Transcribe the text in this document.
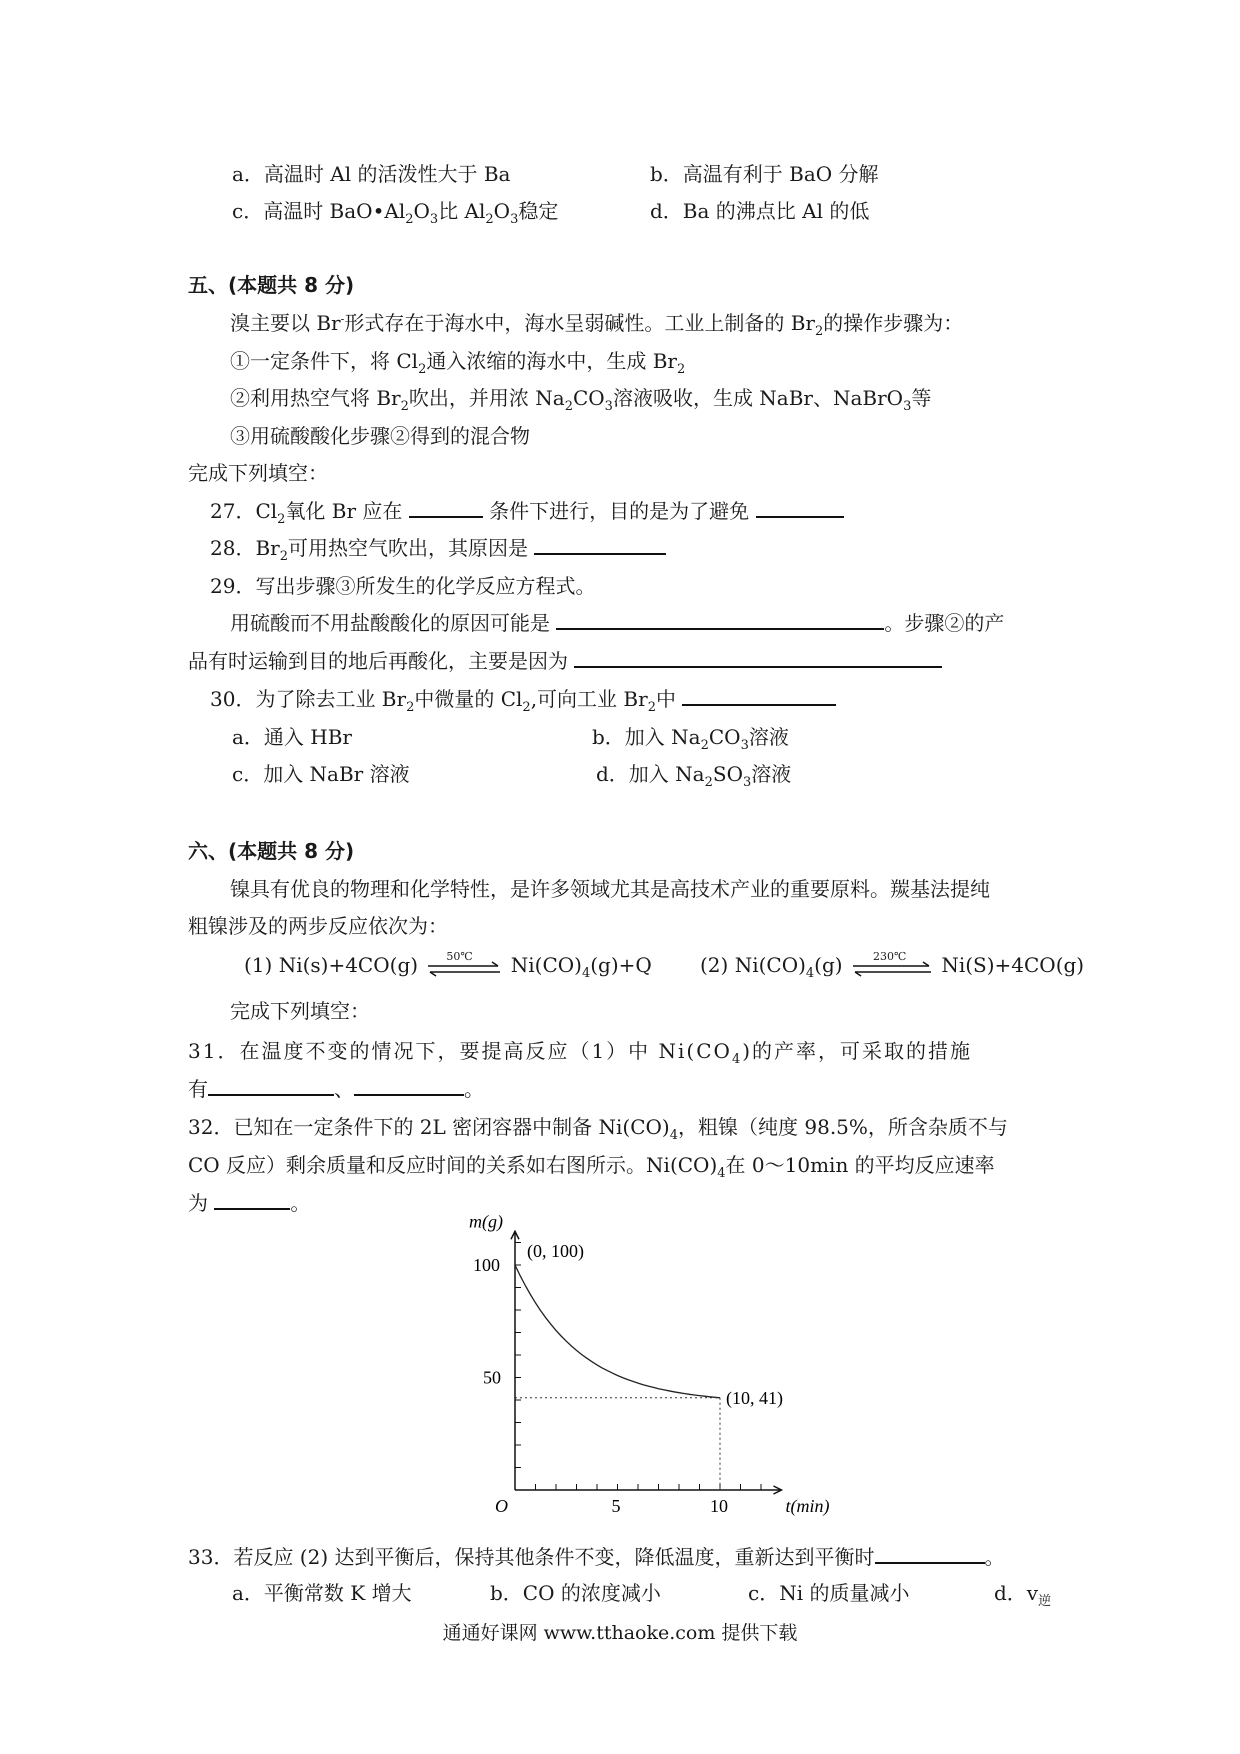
a．高温时 Al 的活泼性大于 Ba	b．高温有利于 BaO 分解
c．高温时 $BaO•Al_2O_3$比 $Al_2O_3$稳定	d．Ba 的沸点比 Al 的低
五、(本题共 8 分)
溴主要以 Br-形式存在于海水中，海水呈弱碱性。工业上制备的 $Br_2$的操作步骤为：
①一定条件下，将 $Cl_2$通入浓缩的海水中，生成 $Br_2$
②利用热空气将 $Br_2$吹出，并用浓 $Na_2CO_3$溶液吸收，生成 NaBr、NaBrO$_3$等
③用硫酸酸化步骤②得到的混合物
完成下列填空：
27．$Cl_2$氧化 Br 应在	条件下进行，目的是为了避免
28．$Br_2$可用热空气吹出，其原因是
29．写出步骤③所发生的化学反应方程式。
用硫酸而不用盐酸酸化的原因可能是	。步骤②的产
品有时运输到目的地后再酸化，主要是因为
30．为了除去工业 $Br_2$中微量的 $Cl_2$,可向工业 $Br_2$中
a．通入 HBr	b．加入 $Na_2CO_3$溶液
c．加入 NaBr 溶液	d．加入 $Na_2SO_3$溶液
六、(本题共 8 分)
镍具有优良的物理和化学特性，是许多领域尤其是高技术产业的重要原料。羰基法提纯
粗镍涉及的两步反应依次为：
(1) Ni(s)+4CO(g)	50℃ $Ni(CO)_4(g)+Q$ (2) $Ni(CO)_4(g)$	230℃ Ni(S)+4CO(g)
完成下列填空：
31．在温度不变的情况下，要提高反应（1）中 $Ni(CO_4)$的产率，可采取的措施
有	、	。
32．已知在一定条件下的 2L 密闭容器中制备 $Ni(CO)_4$，粗镍（纯度 98.5%，所含杂质不与
CO 反应）剩余质量和反应时间的关系如右图所示。$Ni(CO)_4$在 0～10min 的平均反应速率
为	。
m(g)
t(min)
O	5	10
100
50
(0, 100)
(10, 41)
33．若反应 (2) 达到平衡后，保持其他条件不变，降低温度，重新达到平衡时	。
a．平衡常数 K 增大	b．CO 的浓度减小	c．Ni 的质量减小	d．$v_逆$
通通好课网 www.tthaoke.com 提供下载
